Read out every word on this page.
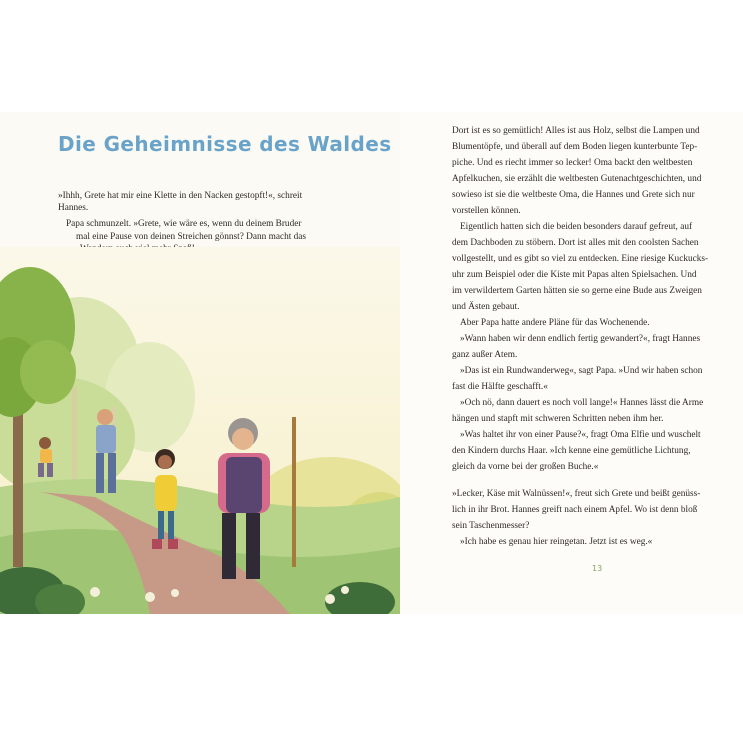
Die Geheimnisse des Waldes
»Ihhh, Grete hat mir eine Klette in den Nacken gestopft!«, schreit
Hannes.
Papa schmunzelt. »Grete, wie wäre es, wenn du deinem Bruder
mal eine Pause von deinen Streichen gönnst? Dann macht das
Dort ist es so gemütlich! Alles ist aus Holz, selbst die Lampen und
Blumentöpfe, und überall auf dem Boden liegen kunterbunte Tep-
piche. Und es riecht immer so lecker! Oma backt den weltbesten
Apfelkuchen, sie erzählt die weltbesten Gutenachtgeschichten, und
sowieso ist sie die weltbeste Oma, die Hannes und Grete sich nur
vorstellen können.
Eigentlich hatten sich die beiden besonders darauf gefreut, auf
dem Dachboden zu stöbern. Dort ist alles mit den coolsten Sachen
vollgestellt, und es gibt so viel zu entdecken. Eine riesige Kuckucks-
uhr zum Beispiel oder die Kiste mit Papas alten Spielsachen. Und
im verwildertem Garten hätten sie so gerne eine Bude aus Zweigen
und Ästen gebaut.
Aber Papa hatte andere Pläne für das Wochenende.
»Wann haben wir denn endlich fertig gewandert?«, fragt Hannes
ganz außer Atem.
»Das ist ein Rundwanderweg«, sagt Papa. »Und wir haben schon
fast die Hälfte geschafft.«
»Och nö, dann dauert es noch voll lange!« Hannes lässt die Arme
hängen und stapft mit schweren Schritten neben ihm her.
»Was haltet ihr von einer Pause?«, fragt Oma Elfie und wuschelt
den Kindern durchs Haar. »Ich kenne eine gemütliche Lichtung,
gleich da vorne bei der großen Buche.«
»Lecker, Käse mit Walnüssen!«, freut sich Grete und beißt genüss-
lich in ihr Brot. Hannes greift nach einem Apfel. Wo ist denn bloß
sein Taschenmesser?
»Ich habe es genau hier reingetan. Jetzt ist es weg.«
13
